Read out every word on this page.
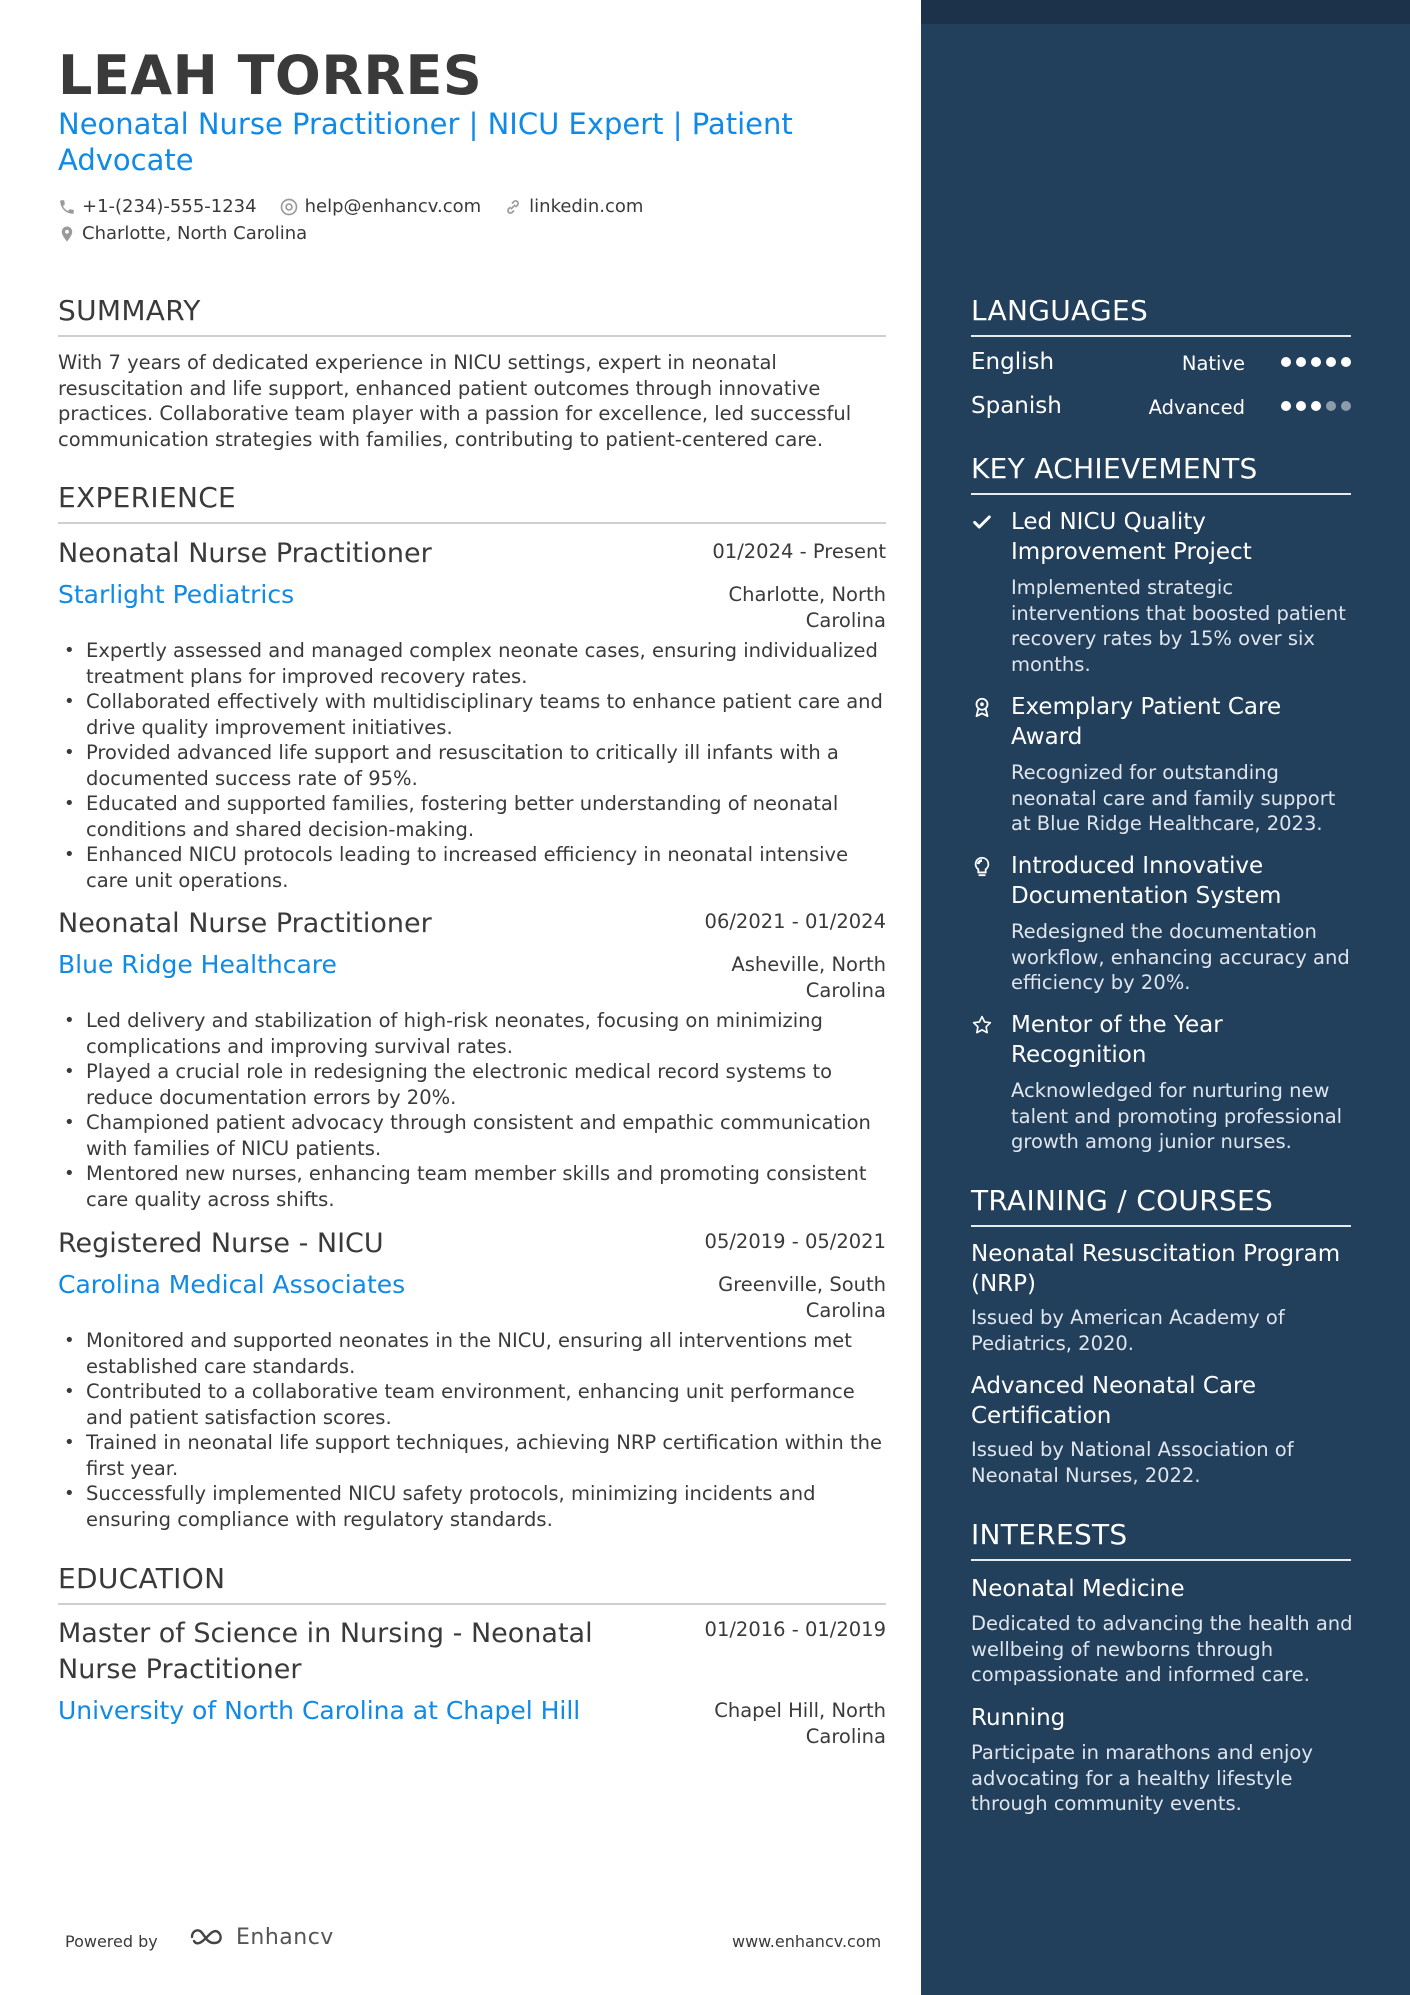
LEAH TORRES

Neonatal Nurse Practitioner | NICU Expert | Patient Advocate

+1-(234)-555-1234	help@enhancv.com	linkedin.com
Charlotte, North Carolina
SUMMARY

With 7 years of dedicated experience in NICU settings, expert in neonatal resuscitation and life support, enhanced patient outcomes through innovative practices. Collaborative team player with a passion for excellence, led successful communication strategies with families, contributing to patient-centered care.

EXPERIENCE
Neonatal Nurse Practitioner	01/2024 - Present
Starlight Pediatrics	Charlotte, North Carolina
• Expertly assessed and managed complex neonate cases, ensuring individualized treatment plans for improved recovery rates.
• Collaborated effectively with multidisciplinary teams to enhance patient care and drive quality improvement initiatives.
• Provided advanced life support and resuscitation to critically ill infants with a documented success rate of 95%.
• Educated and supported families, fostering better understanding of neonatal conditions and shared decision-making.
• Enhanced NICU protocols leading to increased efficiency in neonatal intensive care unit operations.
Neonatal Nurse Practitioner	06/2021 - 01/2024
Blue Ridge Healthcare	Asheville, North Carolina
• Led delivery and stabilization of high-risk neonates, focusing on minimizing complications and improving survival rates.
• Played a crucial role in redesigning the electronic medical record systems to reduce documentation errors by 20%.
• Championed patient advocacy through consistent and empathic communication with families of NICU patients.
• Mentored new nurses, enhancing team member skills and promoting consistent care quality across shifts.
Registered Nurse - NICU	05/2019 - 05/2021
Carolina Medical Associates	Greenville, South Carolina
• Monitored and supported neonates in the NICU, ensuring all interventions met established care standards.
• Contributed to a collaborative team environment, enhancing unit performance and patient satisfaction scores.
• Trained in neonatal life support techniques, achieving NRP certification within the first year.
• Successfully implemented NICU safety protocols, minimizing incidents and ensuring compliance with regulatory standards.
EDUCATION
Master of Science in Nursing - Neonatal Nurse Practitioner
01/2016 - 01/2019
University of North Carolina at Chapel Hill	Chapel Hill, North Carolina
Powered by	Enhancv	www.enhancv.com
LANGUAGES
English	Native
Spanish	Advanced
KEY ACHIEVEMENTS
Led NICU Quality Improvement Project
Implemented strategic interventions that boosted patient recovery rates by 15% over six months.
Exemplary Patient Care Award
Recognized for outstanding neonatal care and family support at Blue Ridge Healthcare, 2023.
Introduced Innovative Documentation System
Redesigned the documentation workflow, enhancing accuracy and efficiency by 20%.
Mentor of the Year Recognition
Acknowledged for nurturing new talent and promoting professional growth among junior nurses.
TRAINING / COURSES
Neonatal Resuscitation Program (NRP)
Issued by American Academy of Pediatrics, 2020.
Advanced Neonatal Care Certification
Issued by National Association of Neonatal Nurses, 2022.
INTERESTS
Neonatal Medicine
Dedicated to advancing the health and wellbeing of newborns through compassionate and informed care.
Running
Participate in marathons and enjoy advocating for a healthy lifestyle through community events.
